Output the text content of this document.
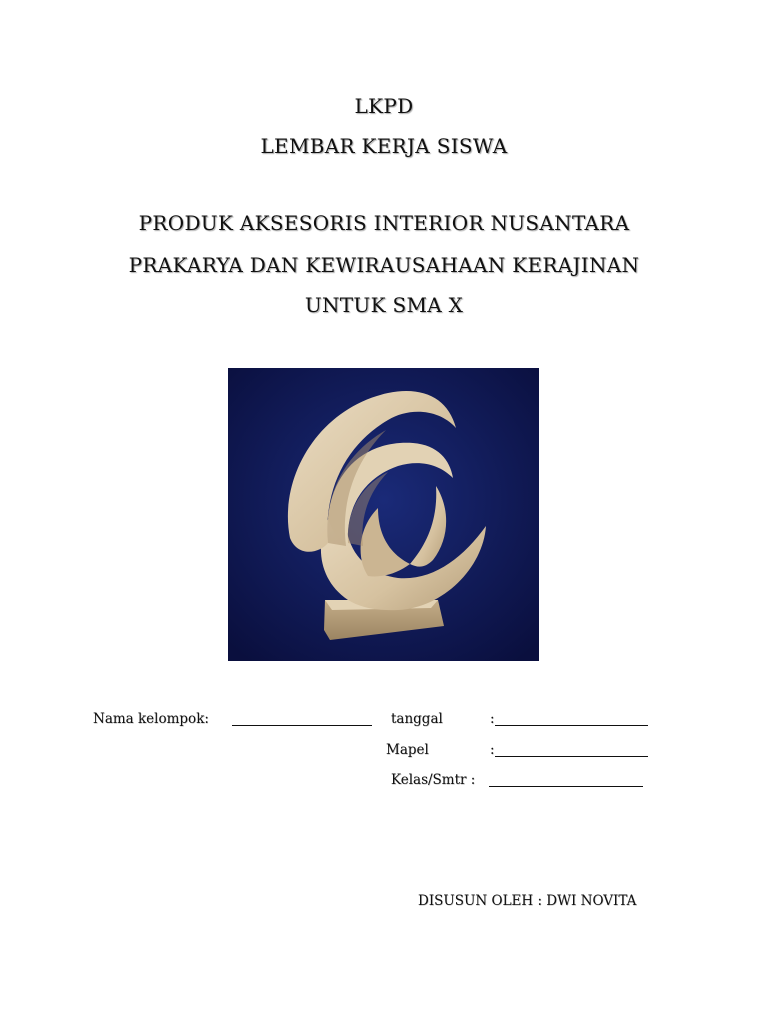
LKPD
LEMBAR KERJA SISWA
PRODUK AKSESORIS INTERIOR NUSANTARA
PRAKARYA DAN KEWIRAUSAHAAN KERAJINAN
UNTUK SMA X
Nama kelompok:	tanggal	:
Mapel	:
Kelas/Smtr :
DISUSUN OLEH : DWI NOVITA
